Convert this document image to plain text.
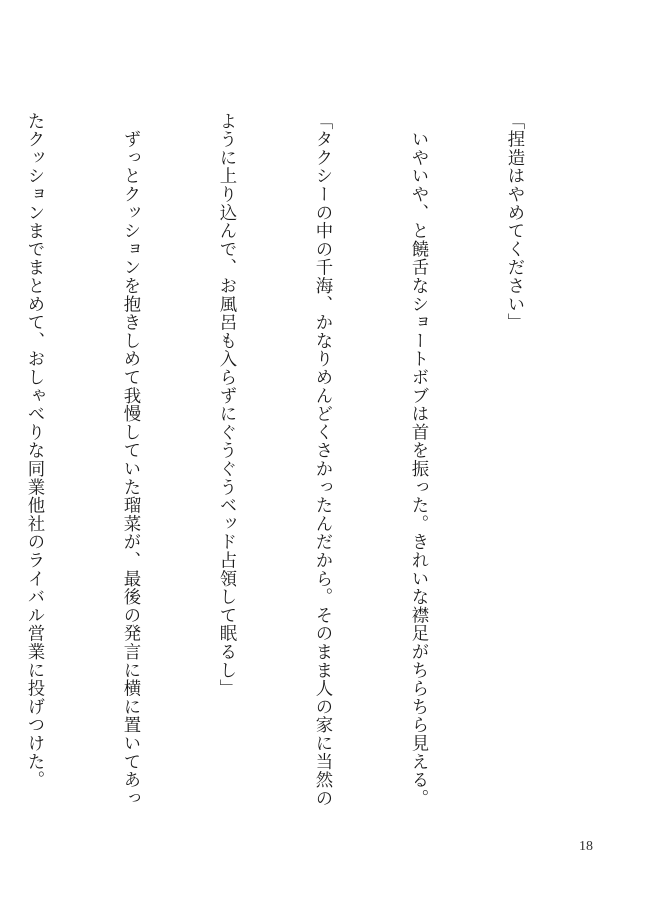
「捏造はやめてください」

　いやいや、と饒舌なショートボブは首を振った。きれいな襟足がちらちら見える。

「タクシーの中の千海、かなりめんどくさかったんだから。そのまま人の家に当然の

ように上り込んで、お風呂も入らずにぐうぐうベッド占領して眠るし」

　ずっとクッションを抱きしめて我慢していた瑠菜が、最後の発言に横に置いてあっ

たクッションまでまとめて、おしゃべりな同業他社のライバル営業に投げつけた。

18
